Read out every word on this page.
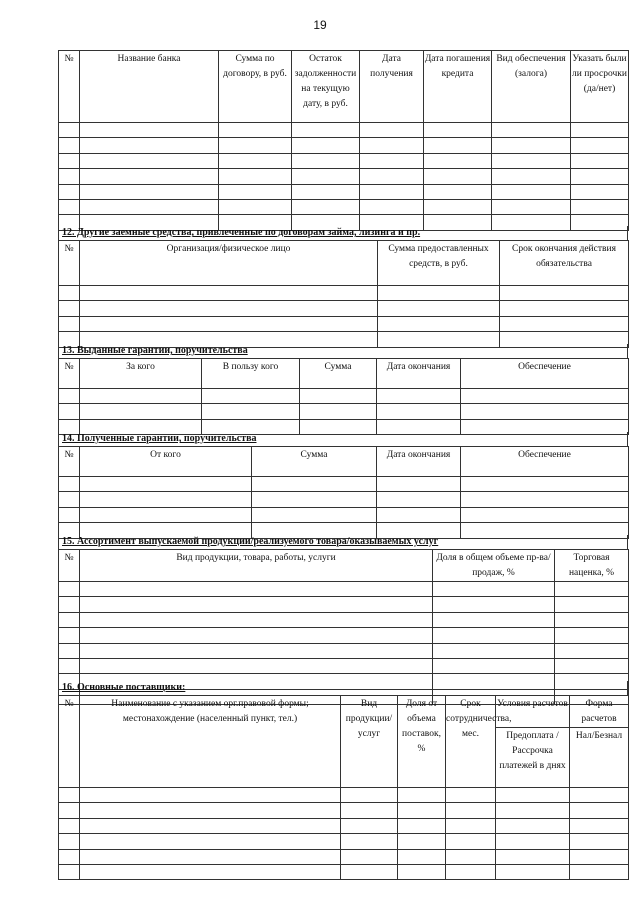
19
№	Название банка	Сумма по договору, в руб.	Остаток задолженности на текущую дату, в руб.	Дата получения	Дата погашения кредита	Вид обеспечения (залога)	Указать были ли просрочки (да/нет)

12. Другие заемные средства, привлеченные по договорам займа, лизинга и пр.
№	Организация/физическое лицо	Сумма предоставленных средств, в руб.	Срок окончания действия обязательства

13. Выданные гарантии, поручительства
№	За кого	В пользу кого	Сумма	Дата окончания	Обеспечение

14. Полученные гарантии, поручительства
№	От кого	Сумма	Дата окончания	Обеспечение

15. Ассортимент выпускаемой продукции/реализуемого товара/оказываемых услуг
№	Вид продукции, товара, работы, услуги	Доля в общем объеме пр-ва/продаж, %	Торговая наценка, %

16. Основные поставщики:
№	Наименование с указанием орг.правовой формы; местонахождение (населенный пункт, тел.)	Вид продукции/услуг	Доля от объема поставок, %	Срок сотрудничества, мес.	Условия расчетов	Форма расчетов
					Предоплата / Рассрочка платежей в днях	Нал/Безнал
